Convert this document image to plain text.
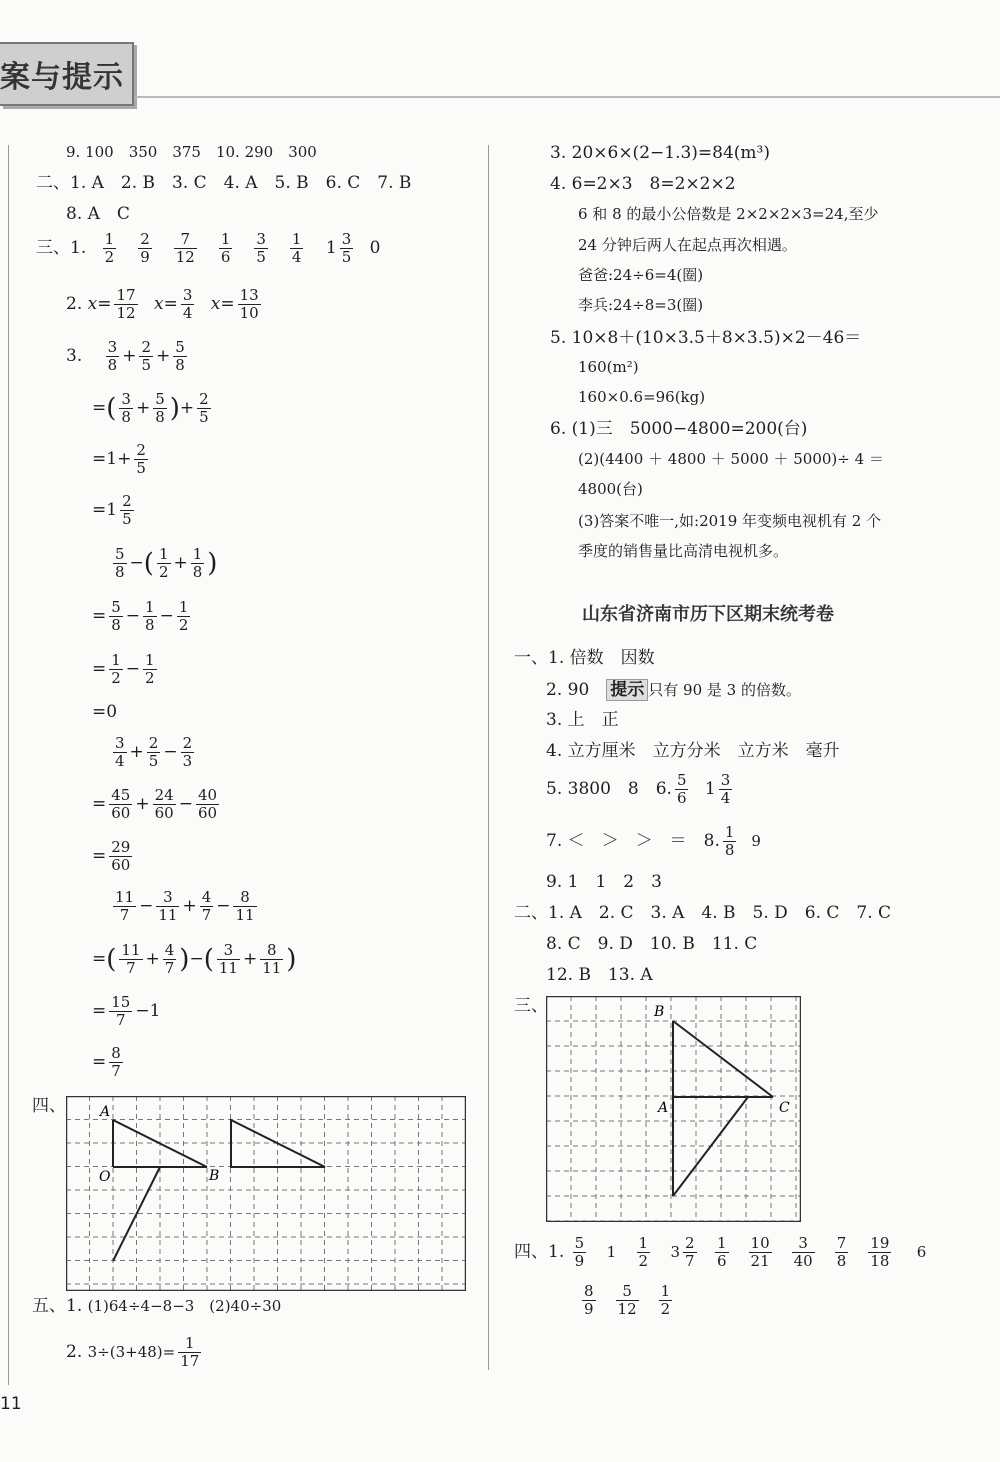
案与提示
9. 100　350　375　10. 290　300
二、1. A　2. B　3. C　4. A　5. B　6. C　7. B
8. A　C
三、1. $\frac{1}{2} \frac{2}{9} \frac{7}{12} \frac{1}{6} \frac{3}{5} \frac{1}{4} 1 \frac{3}{5} 0$
2. $x= \frac{17}{12} x= \frac{3}{4} x= \frac{13}{10}$
3. $\frac{3}{8} + \frac{2}{5} + \frac{5}{8}$
=( $\frac{3}{8} + \frac{5}{8}$ )+ $\frac{2}{5}$
$=1+ \frac{2}{5}$
$=1 \frac{2}{5}$
$\frac{5}{8}$ −( $\frac{1}{2} + \frac{1}{8}$ )
= $\frac{5}{8} - \frac{1}{8} - \frac{1}{2}$
= $\frac{1}{2} - \frac{1}{2}$
=0
$\frac{3}{4} + \frac{2}{5} - \frac{2}{3}$
= $\frac{45}{60} + \frac{24}{60} - \frac{40}{60}$
= $\frac{29}{60}$
$\frac{11}{7} - \frac{3}{11} + \frac{4}{7} - \frac{8}{11}$
=( $\frac{11}{7} + \frac{4}{7}$ )−( $\frac{3}{11} + \frac{8}{11}$ )
= $\frac{15}{7} -1$
= $\frac{8}{7}$
四、 A
O	B
五、1. (1)64÷4−8−3　(2)40÷30
2. $3\div(3+48)= \frac{1}{17}$
3. 20×6×(2−1.3)=84(m³)
4. 6=2×3　8=2×2×2
6 和 8 的最小公倍数是 2×2×2×3=24,至少
24 分钟后两人在起点再次相遇。
爸爸:24÷6=4(圈)
李兵:24÷8=3(圈)
5. 10×8＋(10×3.5＋8×3.5)×2－46＝
160(m²)
160×0.6=96(kg)
6. (1)三　5000−4800=200(台)
(2)(4400 ＋ 4800 ＋ 5000 ＋ 5000)÷ 4 ＝
4800(台)
(3)答案不唯一,如:2019 年变频电视机有 2 个
季度的销售量比高清电视机多。
山东省济南市历下区期末统考卷
一、1. 倍数　因数
2. 90　 提示 只有 90 是 3 的倍数。
3. 上　正
4. 立方厘米　立方分米　立方米　毫升
5. 3800　8　6. $\frac{5}{6} 1 \frac{3}{4}$
7. ＜　＞　＞　＝　8. $\frac{1}{8} 9$
9. 1　1　2　3
二、1. A　2. C　3. A　4. B　5. D　6. C　7. C
8. C　9. D　10. B　11. C
12. B　13. A
三、	B
A	C
四、1. $\frac{5}{9} 1 \frac{1}{2} 3 \frac{2}{7}$
$\frac{1}{6} \frac{10}{21} \frac{3}{40} \frac{7}{8} \frac{19}{18} 6$
$\frac{8}{9} \frac{5}{12} \frac{1}{2}$
11
